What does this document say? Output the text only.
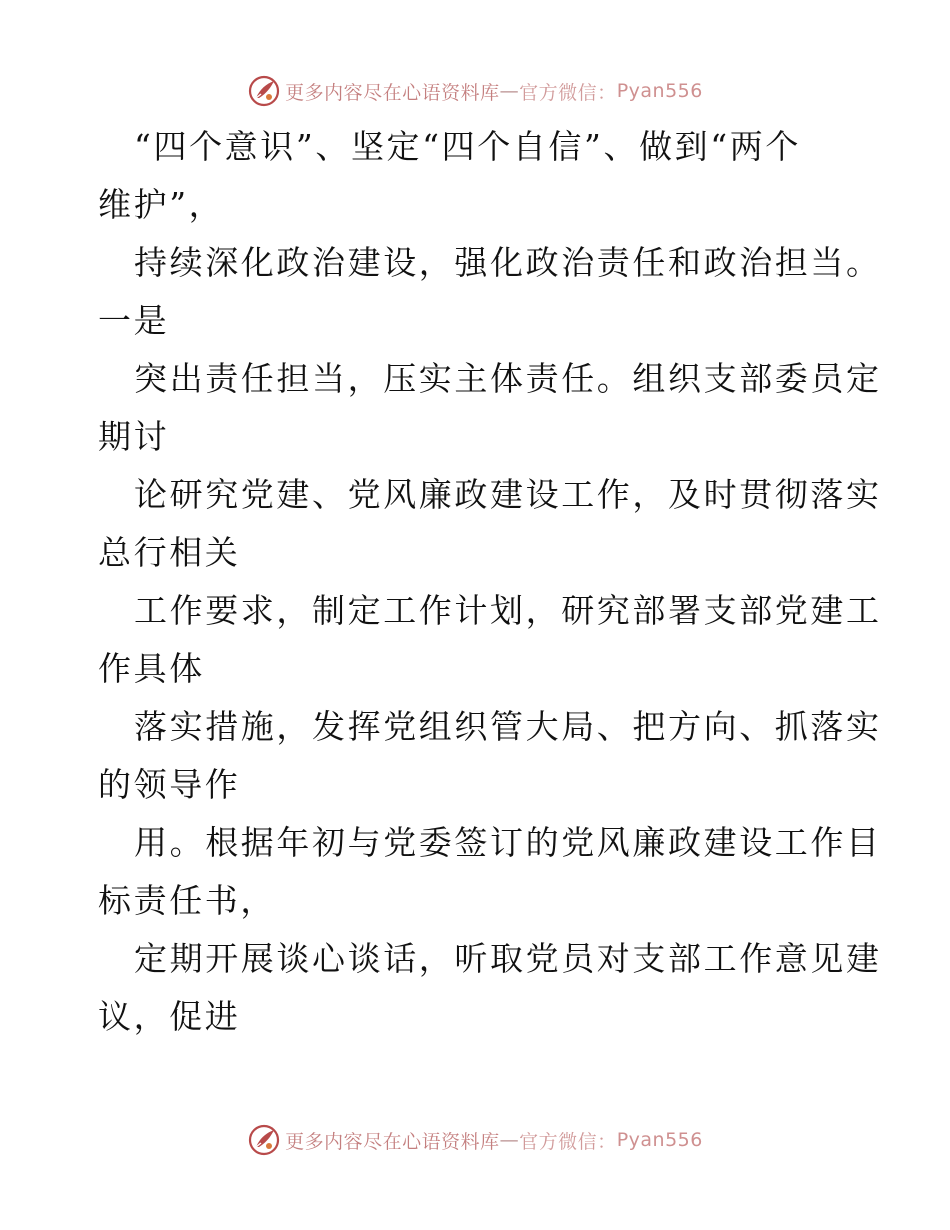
更多内容尽在心语资料库 — 官方微信： Pyan556
“四个意识”、坚定“四个自信”、做到“两个
维护”，
持续深化政治建设，强化政治责任和政治担当。
一是
突出责任担当，压实主体责任。组织支部委员定
期讨
论研究党建、党风廉政建设工作，及时贯彻落实
总行相关
工作要求，制定工作计划，研究部署支部党建工
作具体
落实措施，发挥党组织管大局、把方向、抓落实
的领导作
用。根据年初与党委签订的党风廉政建设工作目
标责任书，
定期开展谈心谈话，听取党员对支部工作意见建
议，促进
更多内容尽在心语资料库 — 官方微信： Pyan556
